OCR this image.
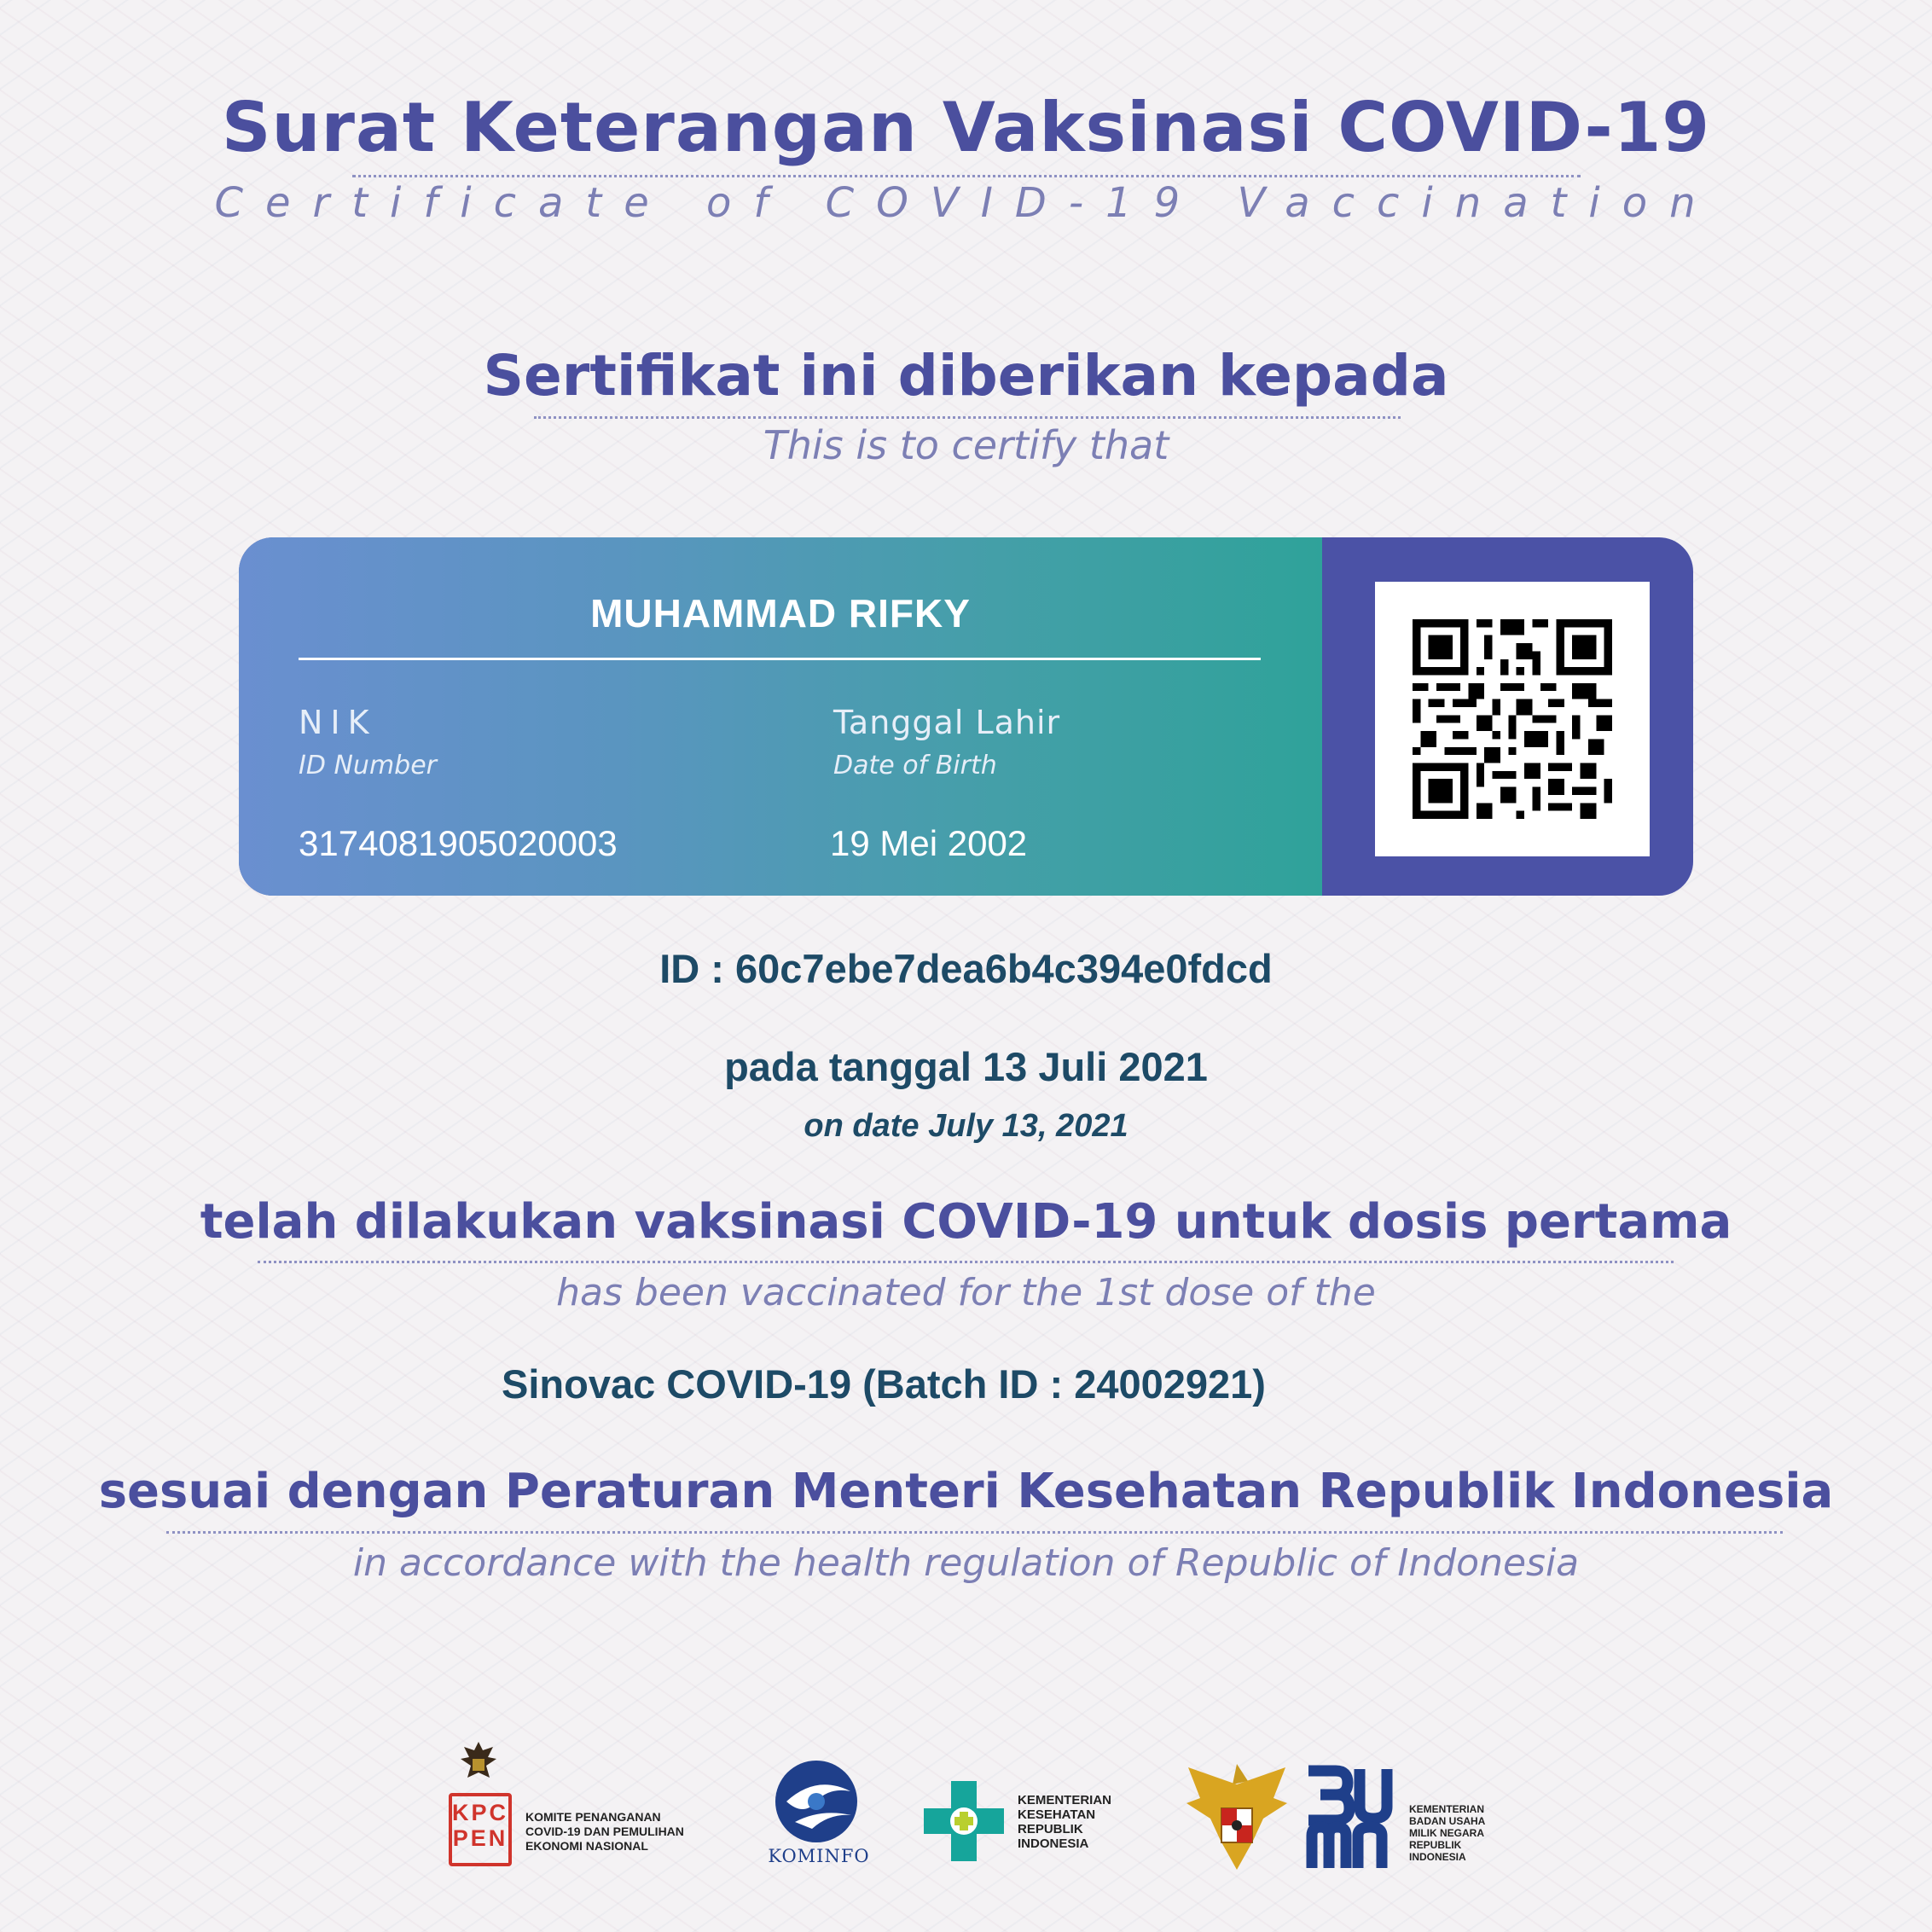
Surat Keterangan Vaksinasi COVID-19
Certificate of COVID-19 Vaccination
Sertifikat ini diberikan kepada
This is to certify that
MUHAMMAD RIFKY
NIK
ID Number
3174081905020003
Tanggal Lahir
Date of Birth
19 Mei 2002
ID : 60c7ebe7dea6b4c394e0fdcd
pada tanggal 13 Juli 2021
on date July 13, 2021
telah dilakukan vaksinasi COVID-19 untuk dosis pertama
has been vaccinated for the 1st dose of the
Sinovac COVID-19 (Batch ID : 24002921)
sesuai dengan Peraturan Menteri Kesehatan Republik Indonesia
in accordance with the health regulation of Republic of Indonesia
KPC
PEN
KOMITE PENANGANAN
COVID-19 DAN PEMULIHAN
EKONOMI NASIONAL	KOMINFO
KEMENTERIAN
KESEHATAN
REPUBLIK
INDONESIA
KEMENTERIAN
BADAN USAHA
MILIK NEGARA
REPUBLIK
INDONESIA
